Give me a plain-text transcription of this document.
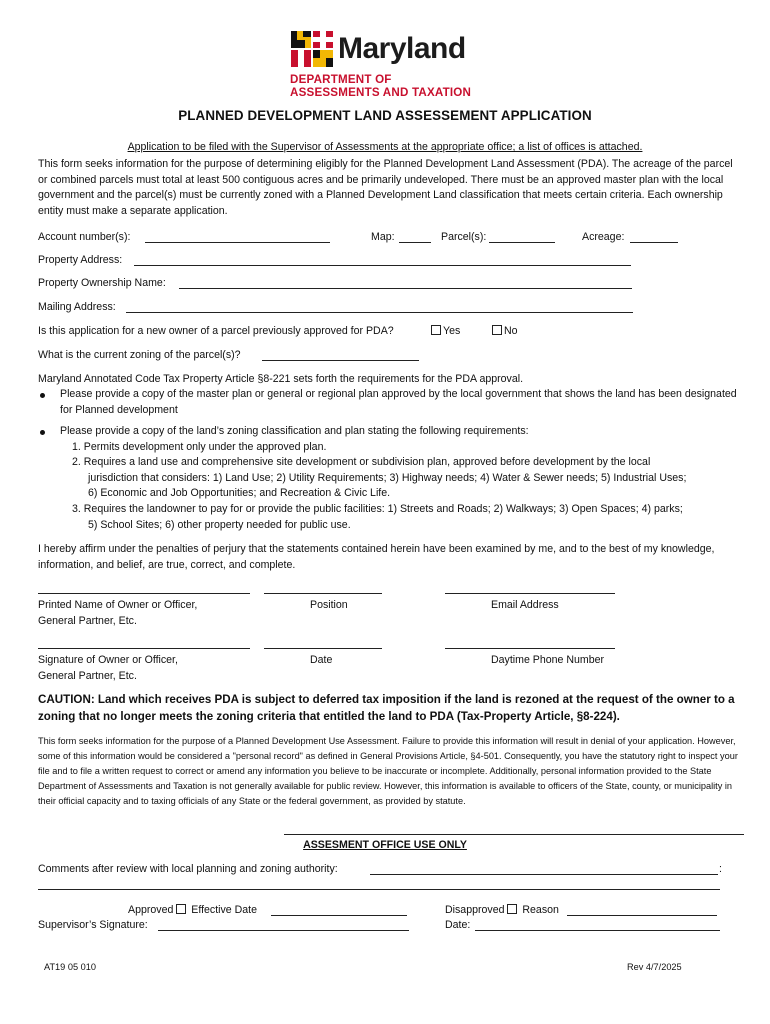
Maryland
DEPARTMENT OF
ASSESSMENTS AND TAXATION
PLANNED DEVELOPMENT LAND ASSESSEMENT APPLICATION
Application to be filed with the Supervisor of Assessments at the appropriate office; a list of offices is attached.
This form seeks information for the purpose of determining eligibly for the Planned Development Land Assessment (PDA). The acreage of the parcel or combined parcels must total at least 500 contiguous acres and be primarily undeveloped. There must be an approved master plan with the local government and the parcel(s) must be currently zoned with a Planned Development Land classification that meets certain criteria. Each ownership entity must make a separate application.
Account number(s):	Map:	Parcel(s):	Acreage:
Property Address:
Property Ownership Name:
Mailing Address:
Is this application for a new owner of a parcel previously approved for PDA?	Yes	No
What is the current zoning of the parcel(s)?
Maryland Annotated Code Tax Property Article §8-221 sets forth the requirements for the PDA approval.
Please provide a copy of the master plan or general or regional plan approved by the local government that shows the land has been designated for Planned development
Please provide a copy of the land’s zoning classification and plan stating the following requirements:
1. Permits development only under the approved plan.
2. Requires a land use and comprehensive site development or subdivision plan, approved before development by the local
jurisdiction that considers: 1) Land Use; 2) Utility Requirements; 3) Highway needs; 4) Water & Sewer needs; 5) Industrial Uses;
6) Economic and Job Opportunities; and Recreation & Civic Life.
3. Requires the landowner to pay for or provide the public facilities: 1) Streets and Roads; 2) Walkways; 3) Open Spaces; 4) parks;
5) School Sites; 6) other property needed for public use.
I hereby affirm under the penalties of perjury that the statements contained herein have been examined by me, and to the best of my knowledge, information, and belief, are true, correct, and complete.
Printed Name of Owner or Officer,
General Partner, Etc.
Position	Email Address
Signature of Owner or Officer,
General Partner, Etc.
Date	Daytime Phone Number
CAUTION: Land which receives PDA is subject to deferred tax imposition if the land is rezoned at the request of the owner to a zoning that no longer meets the zoning criteria that entitled the land to PDA (Tax-Property Article, §8-224).
This form seeks information for the purpose of a Planned Development Use Assessment. Failure to provide this information will result in denial of your application. However, some of this information would be considered a "personal record" as defined in General Provisions Article, §4-501. Consequently, you have the statutory right to inspect your file and to file a written request to correct or amend any information you believe to be inaccurate or incomplete. Additionally, personal information provided to the State Department of Assessments and Taxation is not generally available for public review. However, this information is available to officers of the State, county, or municipality in their official capacity and to taxing officials of any State or the federal government, as provided by statute.
ASSESMENT OFFICE USE ONLY
Comments after review with local planning and zoning authority:	:
Approved Effective Date	Disapproved Reason
Supervisor’s Signature:	Date:
AT19 05 010	Rev 4/7/2025
